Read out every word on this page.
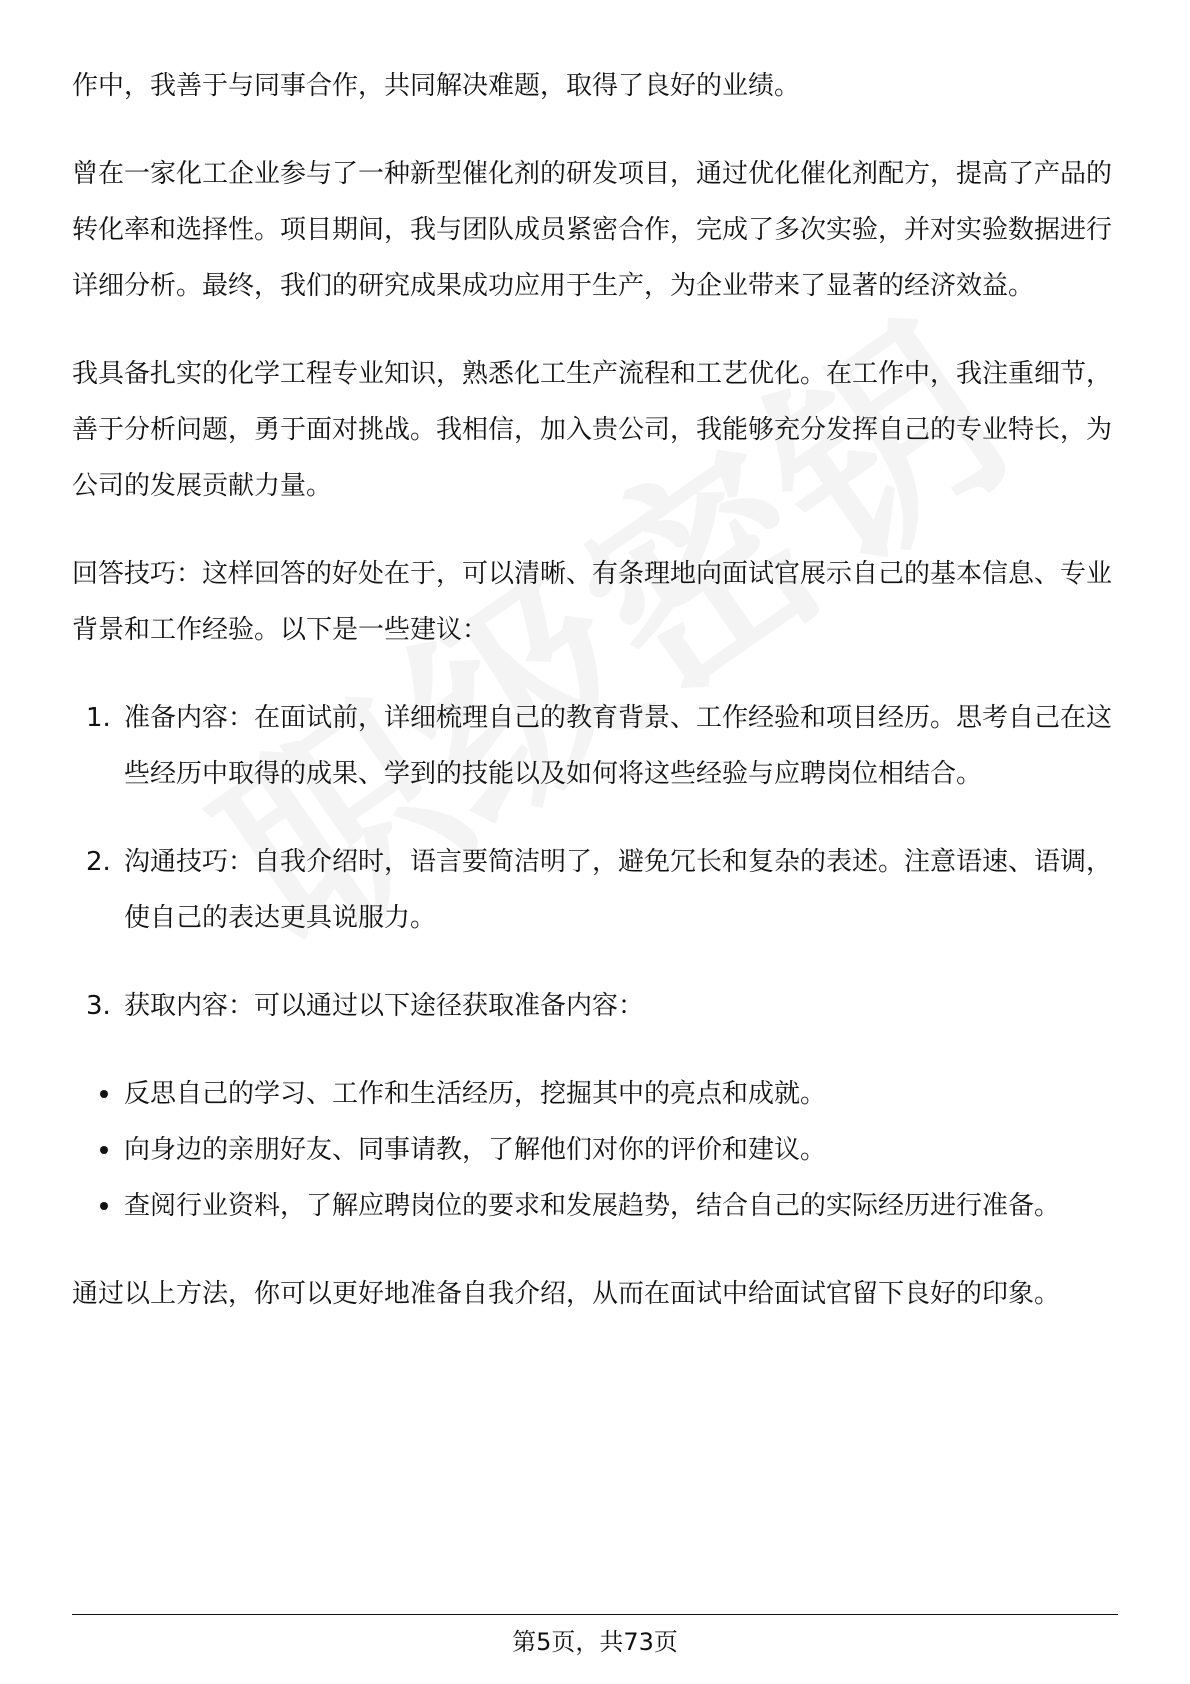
作中，我善于与同事合作，共同解决难题，取得了良好的业绩。

曾在一家化工企业参与了一种新型催化剂的研发项目，通过优化催化剂配方，提高了产品的转化率和选择性。项目期间，我与团队成员紧密合作，完成了多次实验，并对实验数据进行详细分析。最终，我们的研究成果成功应用于生产，为企业带来了显著的经济效益。

我具备扎实的化学工程专业知识，熟悉化工生产流程和工艺优化。在工作中，我注重细节，善于分析问题，勇于面对挑战。我相信，加入贵公司，我能够充分发挥自己的专业特长，为公司的发展贡献力量。

回答技巧：这样回答的好处在于，可以清晰、有条理地向面试官展示自己的基本信息、专业背景和工作经验。以下是一些建议：

1. 准备内容：在面试前，详细梳理自己的教育背景、工作经验和项目经历。思考自己在这些经历中取得的成果、学到的技能以及如何将这些经验与应聘岗位相结合。
2. 沟通技巧：自我介绍时，语言要简洁明了，避免冗长和复杂的表述。注意语速、语调，使自己的表达更具说服力。
3. 获取内容：可以通过以下途径获取准备内容：
反思自己的学习、工作和生活经历，挖掘其中的亮点和成就。
向身边的亲朋好友、同事请教，了解他们对你的评价和建议。
查阅行业资料，了解应聘岗位的要求和发展趋势，结合自己的实际经历进行准备。

通过以上方法，你可以更好地准备自我介绍，从而在面试中给面试官留下良好的印象。

第5页，共73页
